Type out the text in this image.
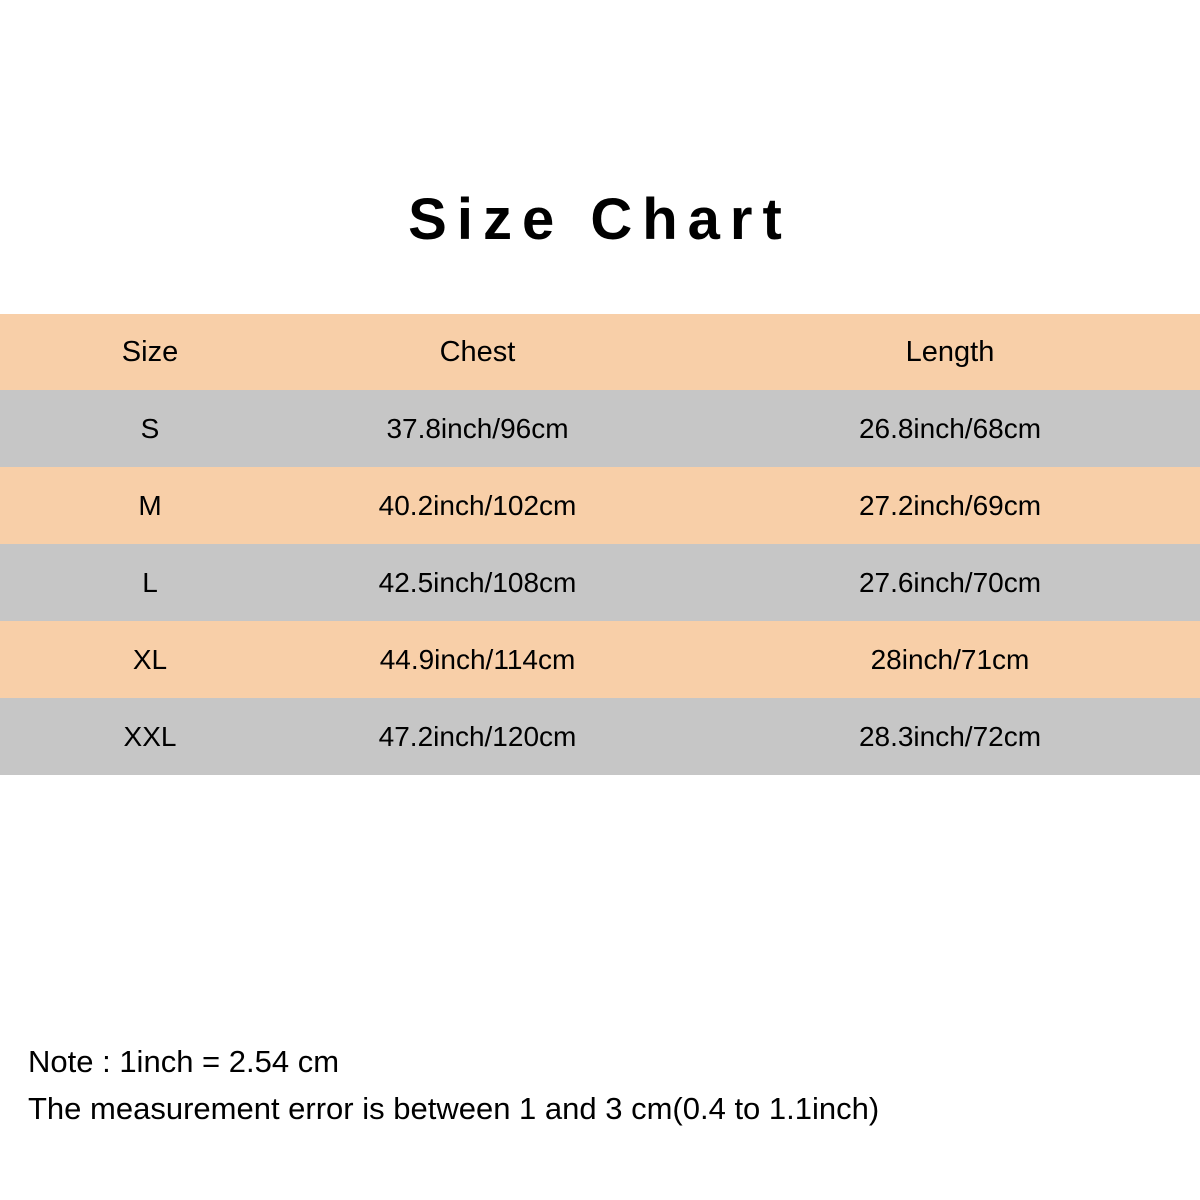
Size Chart
Size	Chest	Length
S	37.8inch/96cm	26.8inch/68cm
M	40.2inch/102cm	27.2inch/69cm
L	42.5inch/108cm	27.6inch/70cm
XL	44.9inch/114cm	28inch/71cm
XXL	47.2inch/120cm	28.3inch/72cm
Note : 1inch = 2.54 cm
The measurement error is between 1 and 3 cm(0.4 to 1.1inch)
